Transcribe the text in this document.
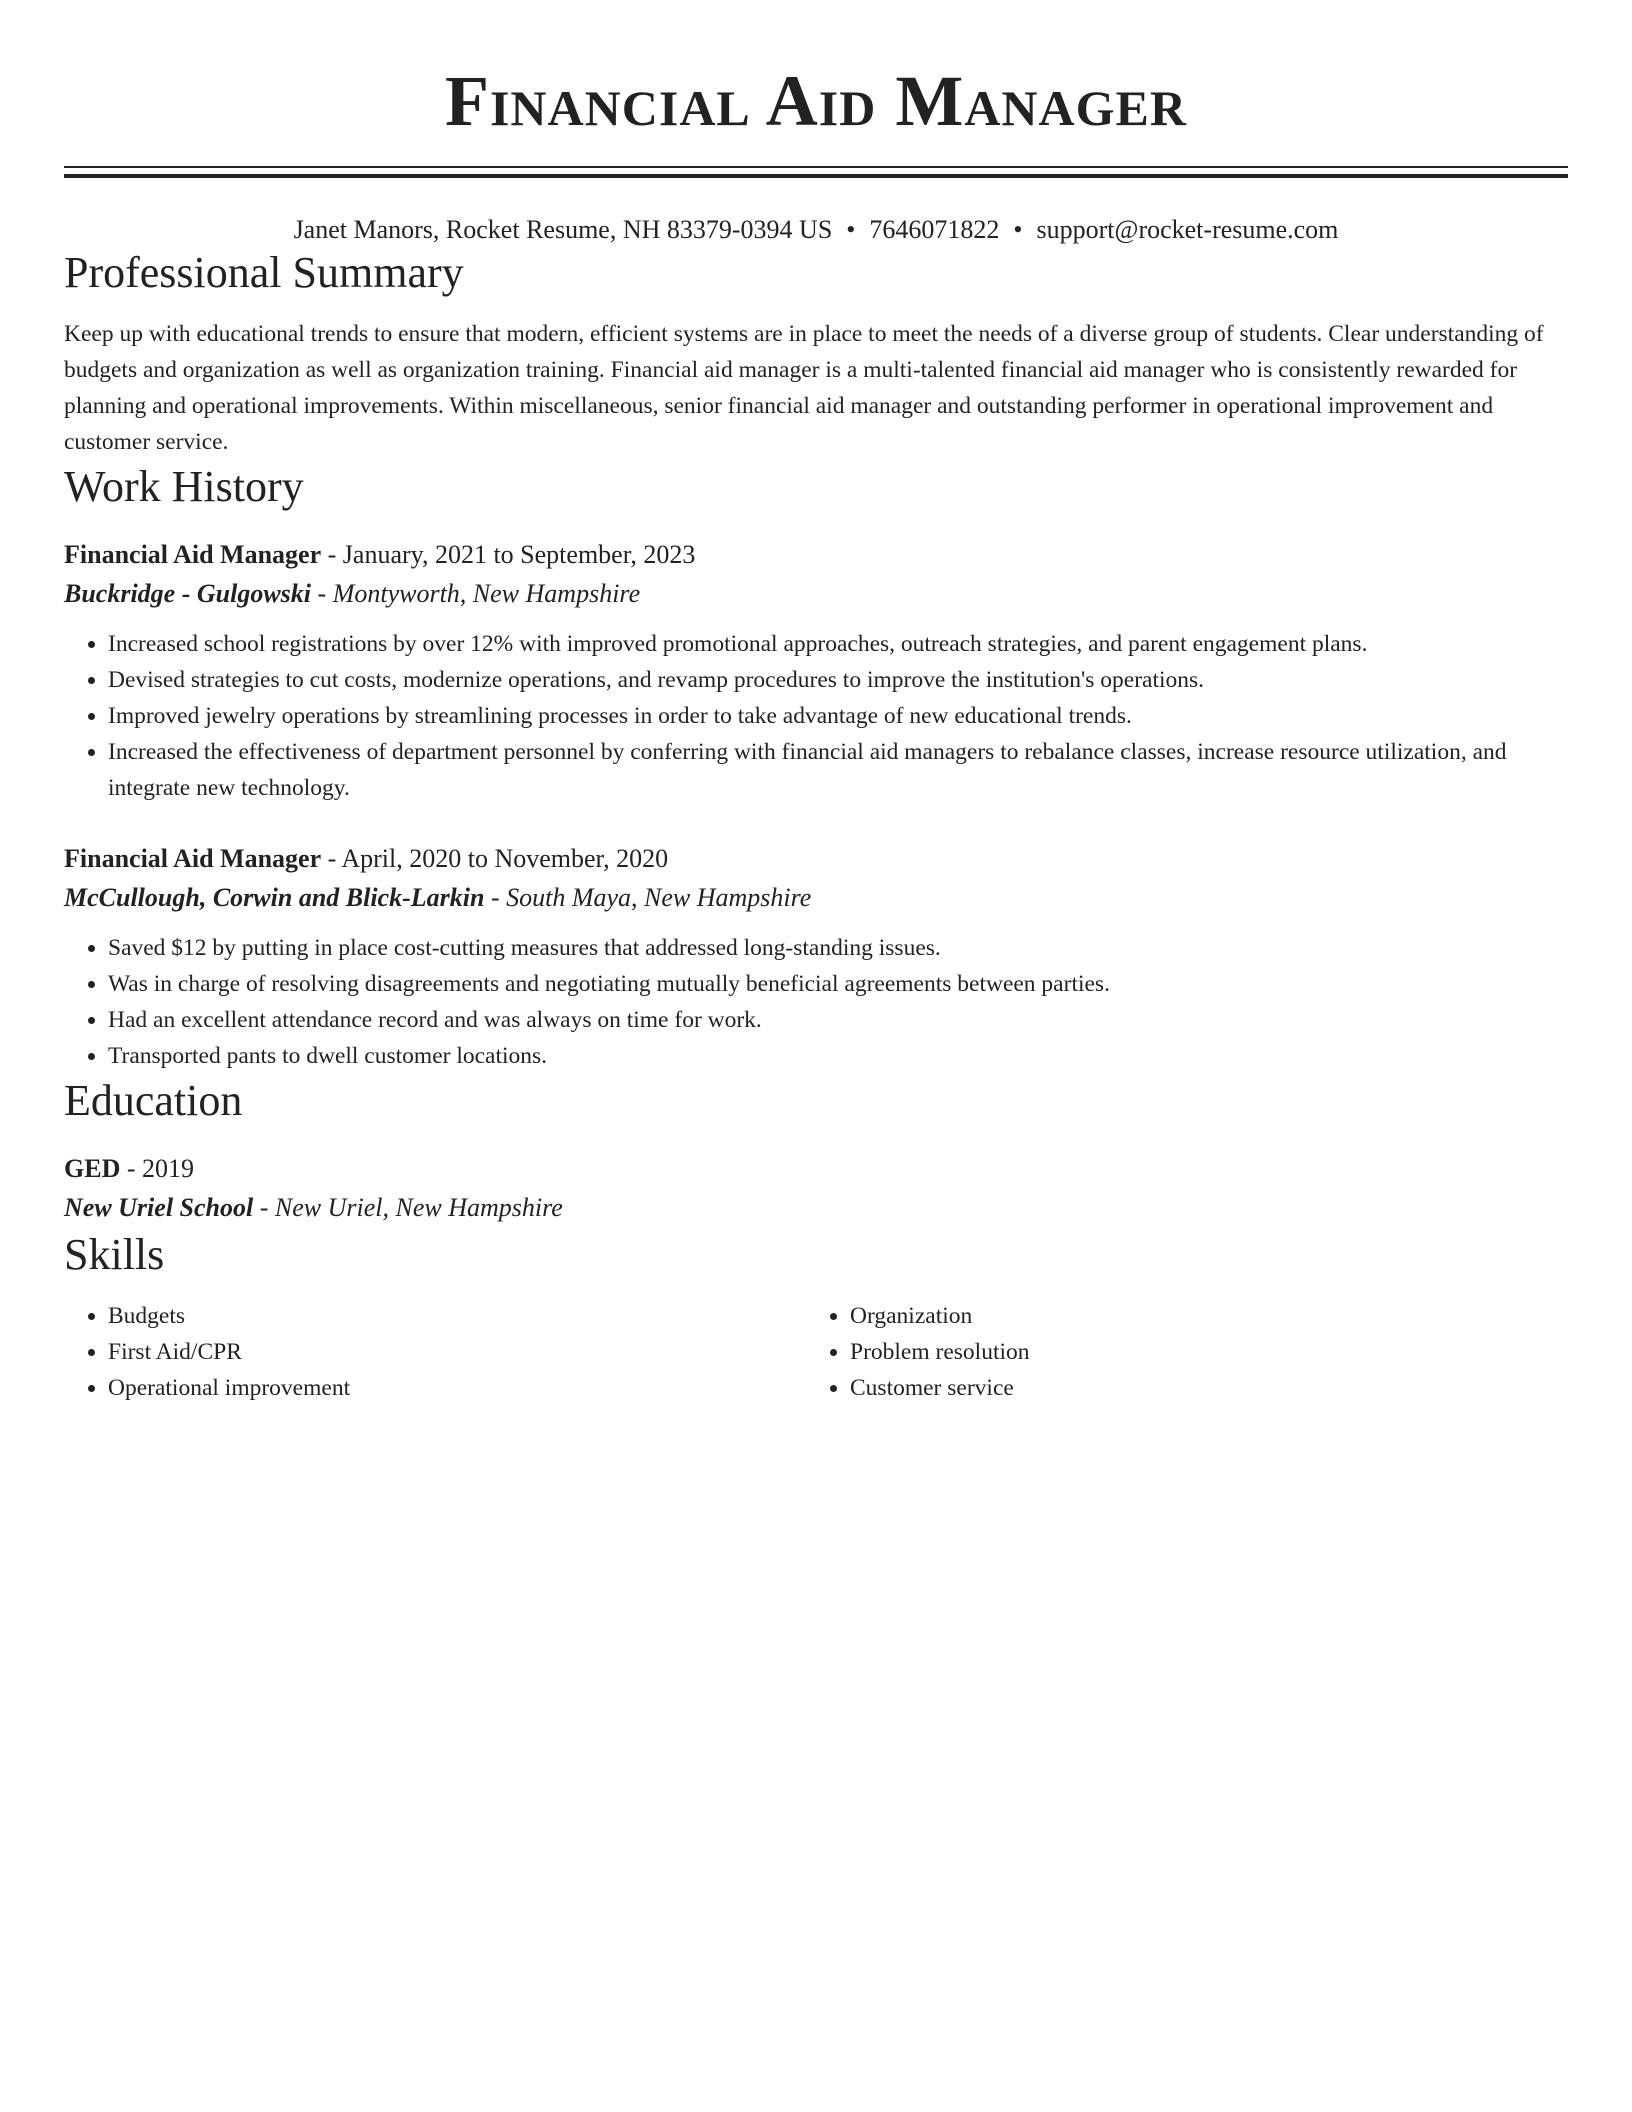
Financial Aid Manager
Janet Manors, Rocket Resume, NH 83379-0394 US • 7646071822 • support@rocket-resume.com
Professional Summary

Keep up with educational trends to ensure that modern, efficient systems are in place to meet the needs of a diverse group of students. Clear understanding of budgets and organization as well as organization training. Financial aid manager is a multi-talented financial aid manager who is consistently rewarded for planning and operational improvements. Within miscellaneous, senior financial aid manager and outstanding performer in operational improvement and customer service.

Work History
Financial Aid Manager - January, 2021 to September, 2023
Buckridge - Gulgowski - Montyworth, New Hampshire
• Increased school registrations by over 12% with improved promotional approaches, outreach strategies, and parent engagement plans.
• Devised strategies to cut costs, modernize operations, and revamp procedures to improve the institution's operations.
• Improved jewelry operations by streamlining processes in order to take advantage of new educational trends.
• Increased the effectiveness of department personnel by conferring with financial aid managers to rebalance classes, increase resource utilization, and integrate new technology.
Financial Aid Manager - April, 2020 to November, 2020
McCullough, Corwin and Blick-Larkin - South Maya, New Hampshire
• Saved $12 by putting in place cost-cutting measures that addressed long-standing issues.
• Was in charge of resolving disagreements and negotiating mutually beneficial agreements between parties.
• Had an excellent attendance record and was always on time for work.
• Transported pants to dwell customer locations.
Education
GED - 2019
New Uriel School - New Uriel, New Hampshire
Skills
• Budgets
• First Aid/CPR
• Operational improvement
• Organization
• Problem resolution
• Customer service
